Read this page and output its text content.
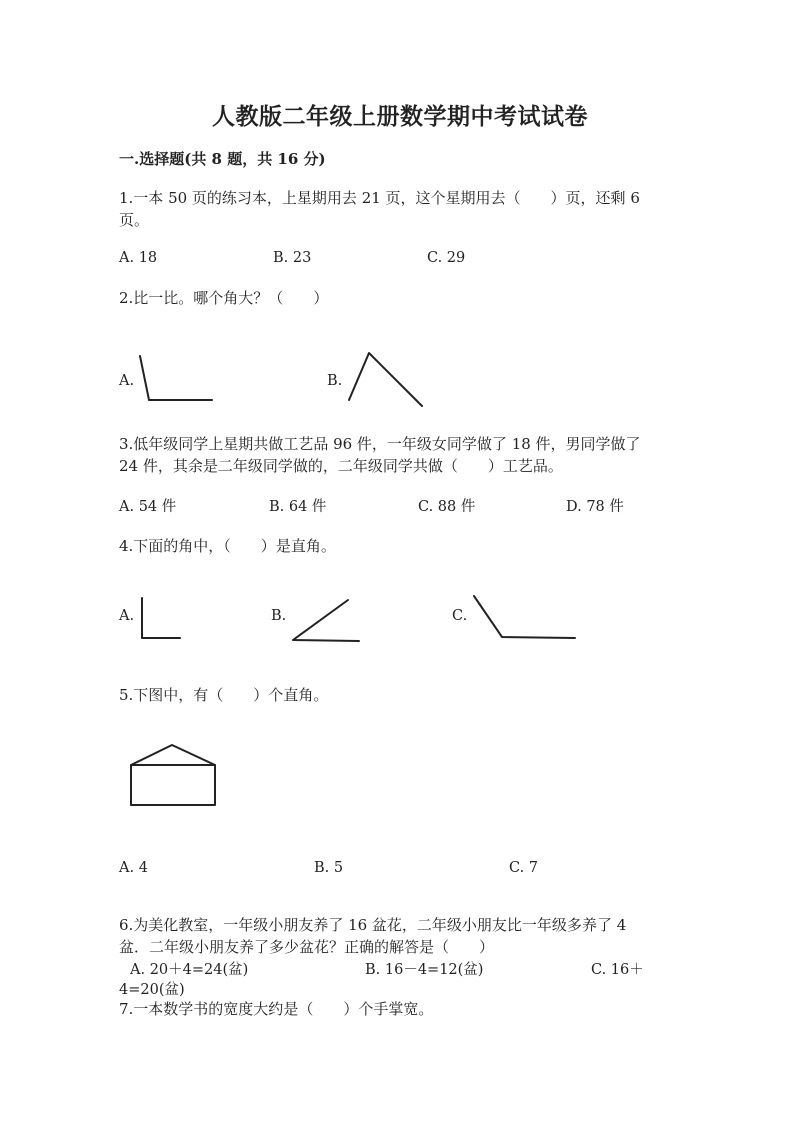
人教版二年级上册数学期中考试试卷
一.选择题(共 8 题，共 16 分)
1.一本 50 页的练习本，上星期用去 21 页，这个星期用去（　　）页，还剩 6
页。
A. 18	B. 23	C. 29
2.比一比。哪个角大？（　　）
A.	B.
3.低年级同学上星期共做工艺品 96 件，一年级女同学做了 18 件，男同学做了
24 件，其余是二年级同学做的，二年级同学共做（　　）工艺品。
A. 54 件	B. 64 件	C. 88 件	D. 78 件
4.下面的角中，（　　）是直角。
A.	B.	C.
5.下图中，有（　　）个直角。
A. 4	B. 5	C. 7
6.为美化教室，一年级小朋友养了 16 盆花，二年级小朋友比一年级多养了 4
盆．二年级小朋友养了多少盆花？正确的解答是（　　）
A. 20＋4=24(盆)	B. 16－4=12(盆)	C. 16＋
4=20(盆)
7.一本数学书的宽度大约是（　　）个手掌宽。
